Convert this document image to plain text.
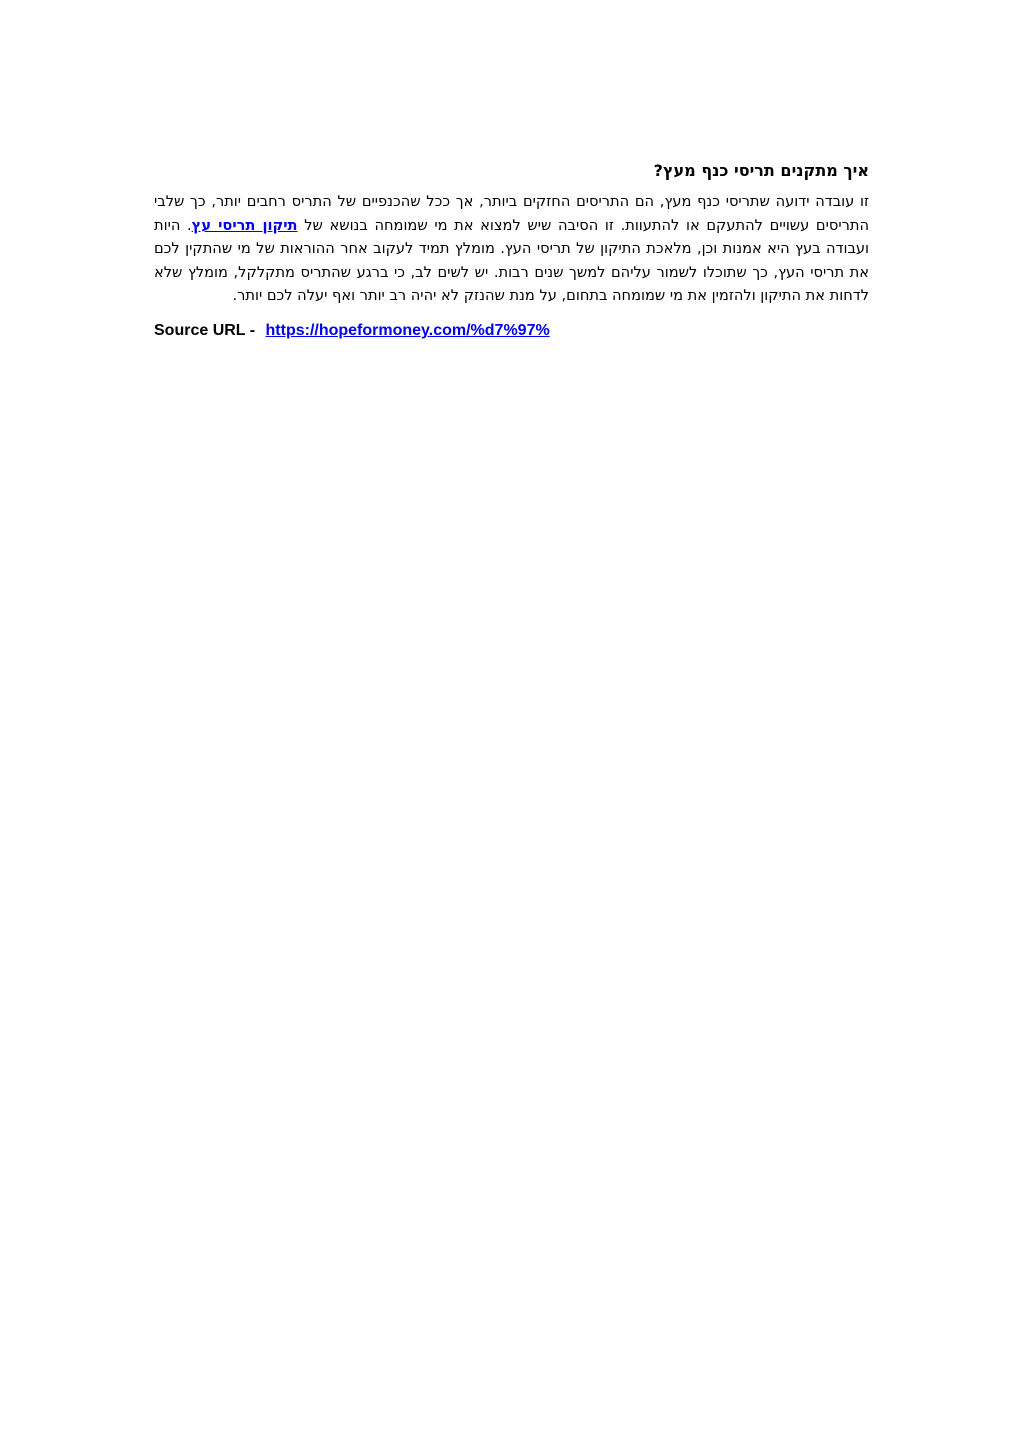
איך מתקנים תריסי כנף מעץ?

זו עובדה ידועה שתריסי כנף מעץ, הם התריסים החזקים ביותר, אך ככל שהכנפיים של התריס רחבים יותר, כך שלבי התריסים עשויים להתעקם או להתעוות. זו הסיבה שיש למצוא את מי שמומחה בנושא של תיקון תריסי עץ. היות ועבודה בעץ היא אמנות וכן, מלאכת התיקון של תריסי העץ. מומלץ תמיד לעקוב אחר ההוראות של מי שהתקין לכם את תריסי העץ, כך שתוכלו לשמור עליהם למשך שנים רבות. יש לשים לב, כי ברגע שהתריס מתקלקל, מומלץ שלא לדחות את התיקון ולהזמין את מי שמומחה בתחום, על מנת שהנזק לא יהיה רב יותר ואף יעלה לכם יותר.

Source URL - https://hopeformoney.com/%d7%97%
